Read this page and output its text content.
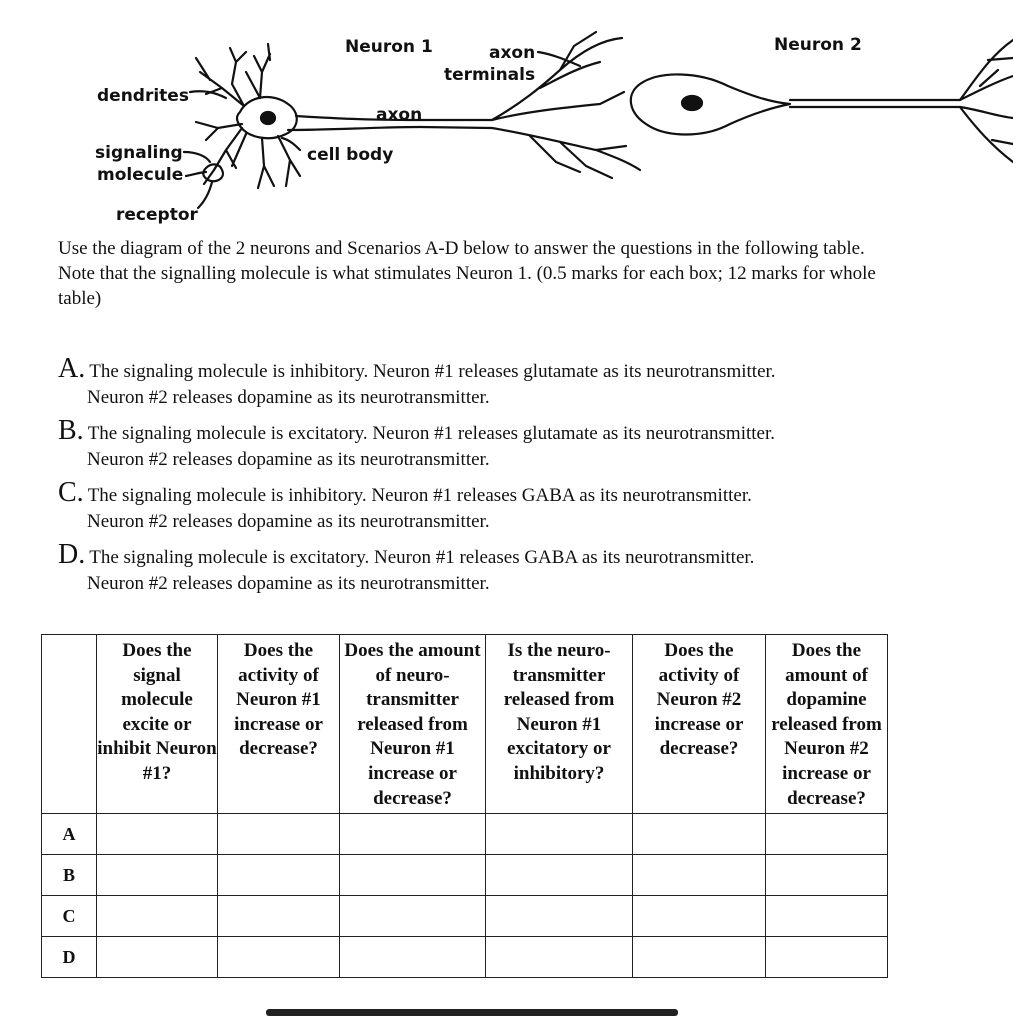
Neuron 1	Neuron 2
axon
terminals
dendrites
axon
signaling
molecule
cell body
receptor

Use the diagram of the 2 neurons and Scenarios A-D below to answer the questions in the following table. Note that the signalling molecule is what stimulates Neuron 1. (0.5 marks for each box; 12 marks for whole table)

A. The signaling molecule is inhibitory. Neuron #1 releases glutamate as its neurotransmitter.
Neuron #2 releases dopamine as its neurotransmitter.
B. The signaling molecule is excitatory. Neuron #1 releases glutamate as its neurotransmitter.
Neuron #2 releases dopamine as its neurotransmitter.
C. The signaling molecule is inhibitory. Neuron #1 releases GABA as its neurotransmitter.
Neuron #2 releases dopamine as its neurotransmitter.
D. The signaling molecule is excitatory. Neuron #1 releases GABA as its neurotransmitter.
Neuron #2 releases dopamine as its neurotransmitter.
	Does the signal molecule excite or inhibit Neuron #1?	Does the activity of Neuron #1 increase or decrease?	Does the amount of neuro-transmitter released from Neuron #1 increase or decrease?	Is the neuro-transmitter released from Neuron #1 excitatory or inhibitory?	Does the activity of Neuron #2 increase or decrease?	Does the amount of dopamine released from Neuron #2 increase or decrease?
A						
B						
C						
D						
